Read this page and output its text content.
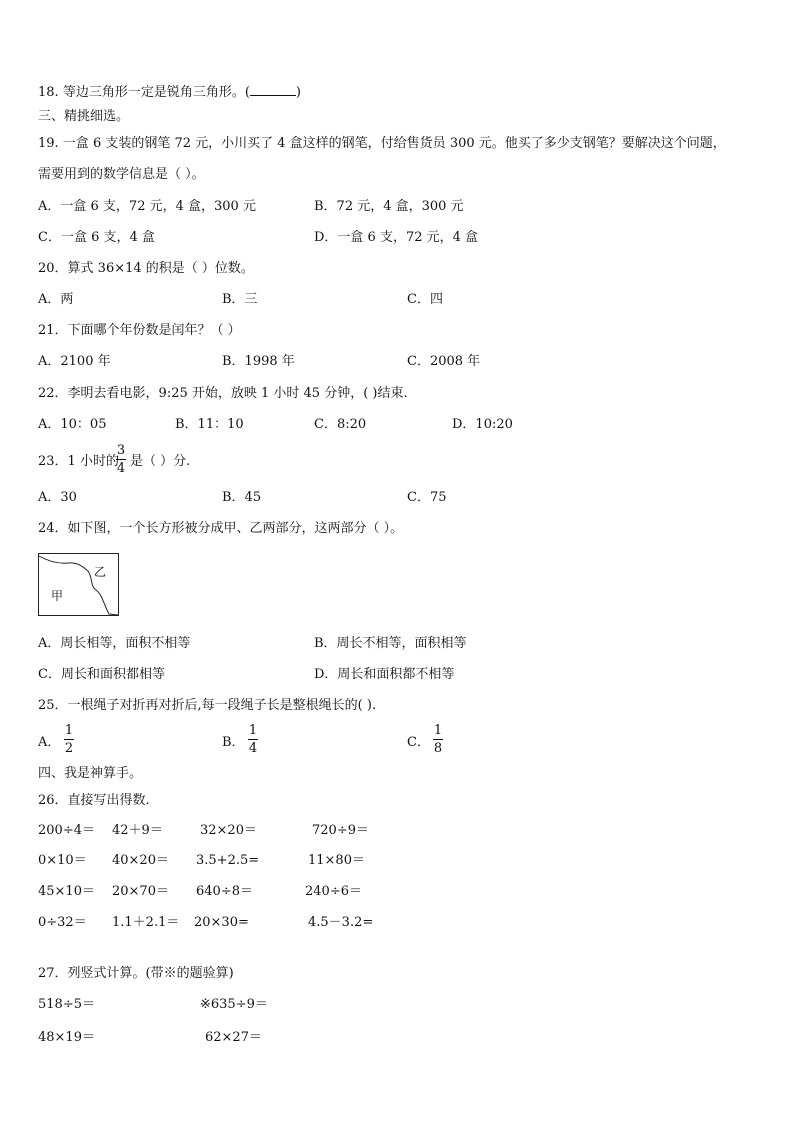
18. 等边三角形一定是锐角三角形。(	)
三、精挑细选。
19. 一盒 6 支装的钢笔 72 元，小川买了 4 盒这样的钢笔，付给售货员 300 元。他买了多少支钢笔？要解决这个问题，
需要用到的数学信息是（ ）。
A．一盒 6 支，72 元，4 盒，300 元	B．72 元，4 盒，300 元
C．一盒 6 支，4 盒	D．一盒 6 支，72 元，4 盒
20．算式 36×14 的积是（ ）位数。
A．两	B．三	C．四
21．下面哪个年份数是闰年？（ ）
A．2100 年	B．1998 年	C．2008 年
22．李明去看电影，9:25 开始，放映 1 小时 45 分钟，( )结束.
A．10：05	B．11：10	C．8:20	D．10:20
23．1 小时的
3
4 是（ ）分.
A．30	B．45	C．75
24．如下图，一个长方形被分成甲、乙两部分，这两部分（ ）。
乙
甲
A．周长相等，面积不相等	B．周长不相等，面积相等
C．周长和面积都相等	D．周长和面积都不相等
25．一根绳子对折再对折后,每一段绳子长是整根绳长的( ).
A．
1
2	B．
1
4	C．
1
8
四、我是神算手。
26．直接写出得数.
200÷4＝ 42＋9＝	32×20＝	720÷9＝
0×10＝ 40×20＝ 3.5+2.5=	11×80＝
45×10＝ 20×70＝ 640÷8＝	240÷6＝
0÷32＝ 1.1＋2.1＝ 20×30=	4.5－3.2=
27．列竖式计算。(带※的题验算)
518÷5＝	※635÷9＝
48×19＝	62×27＝
